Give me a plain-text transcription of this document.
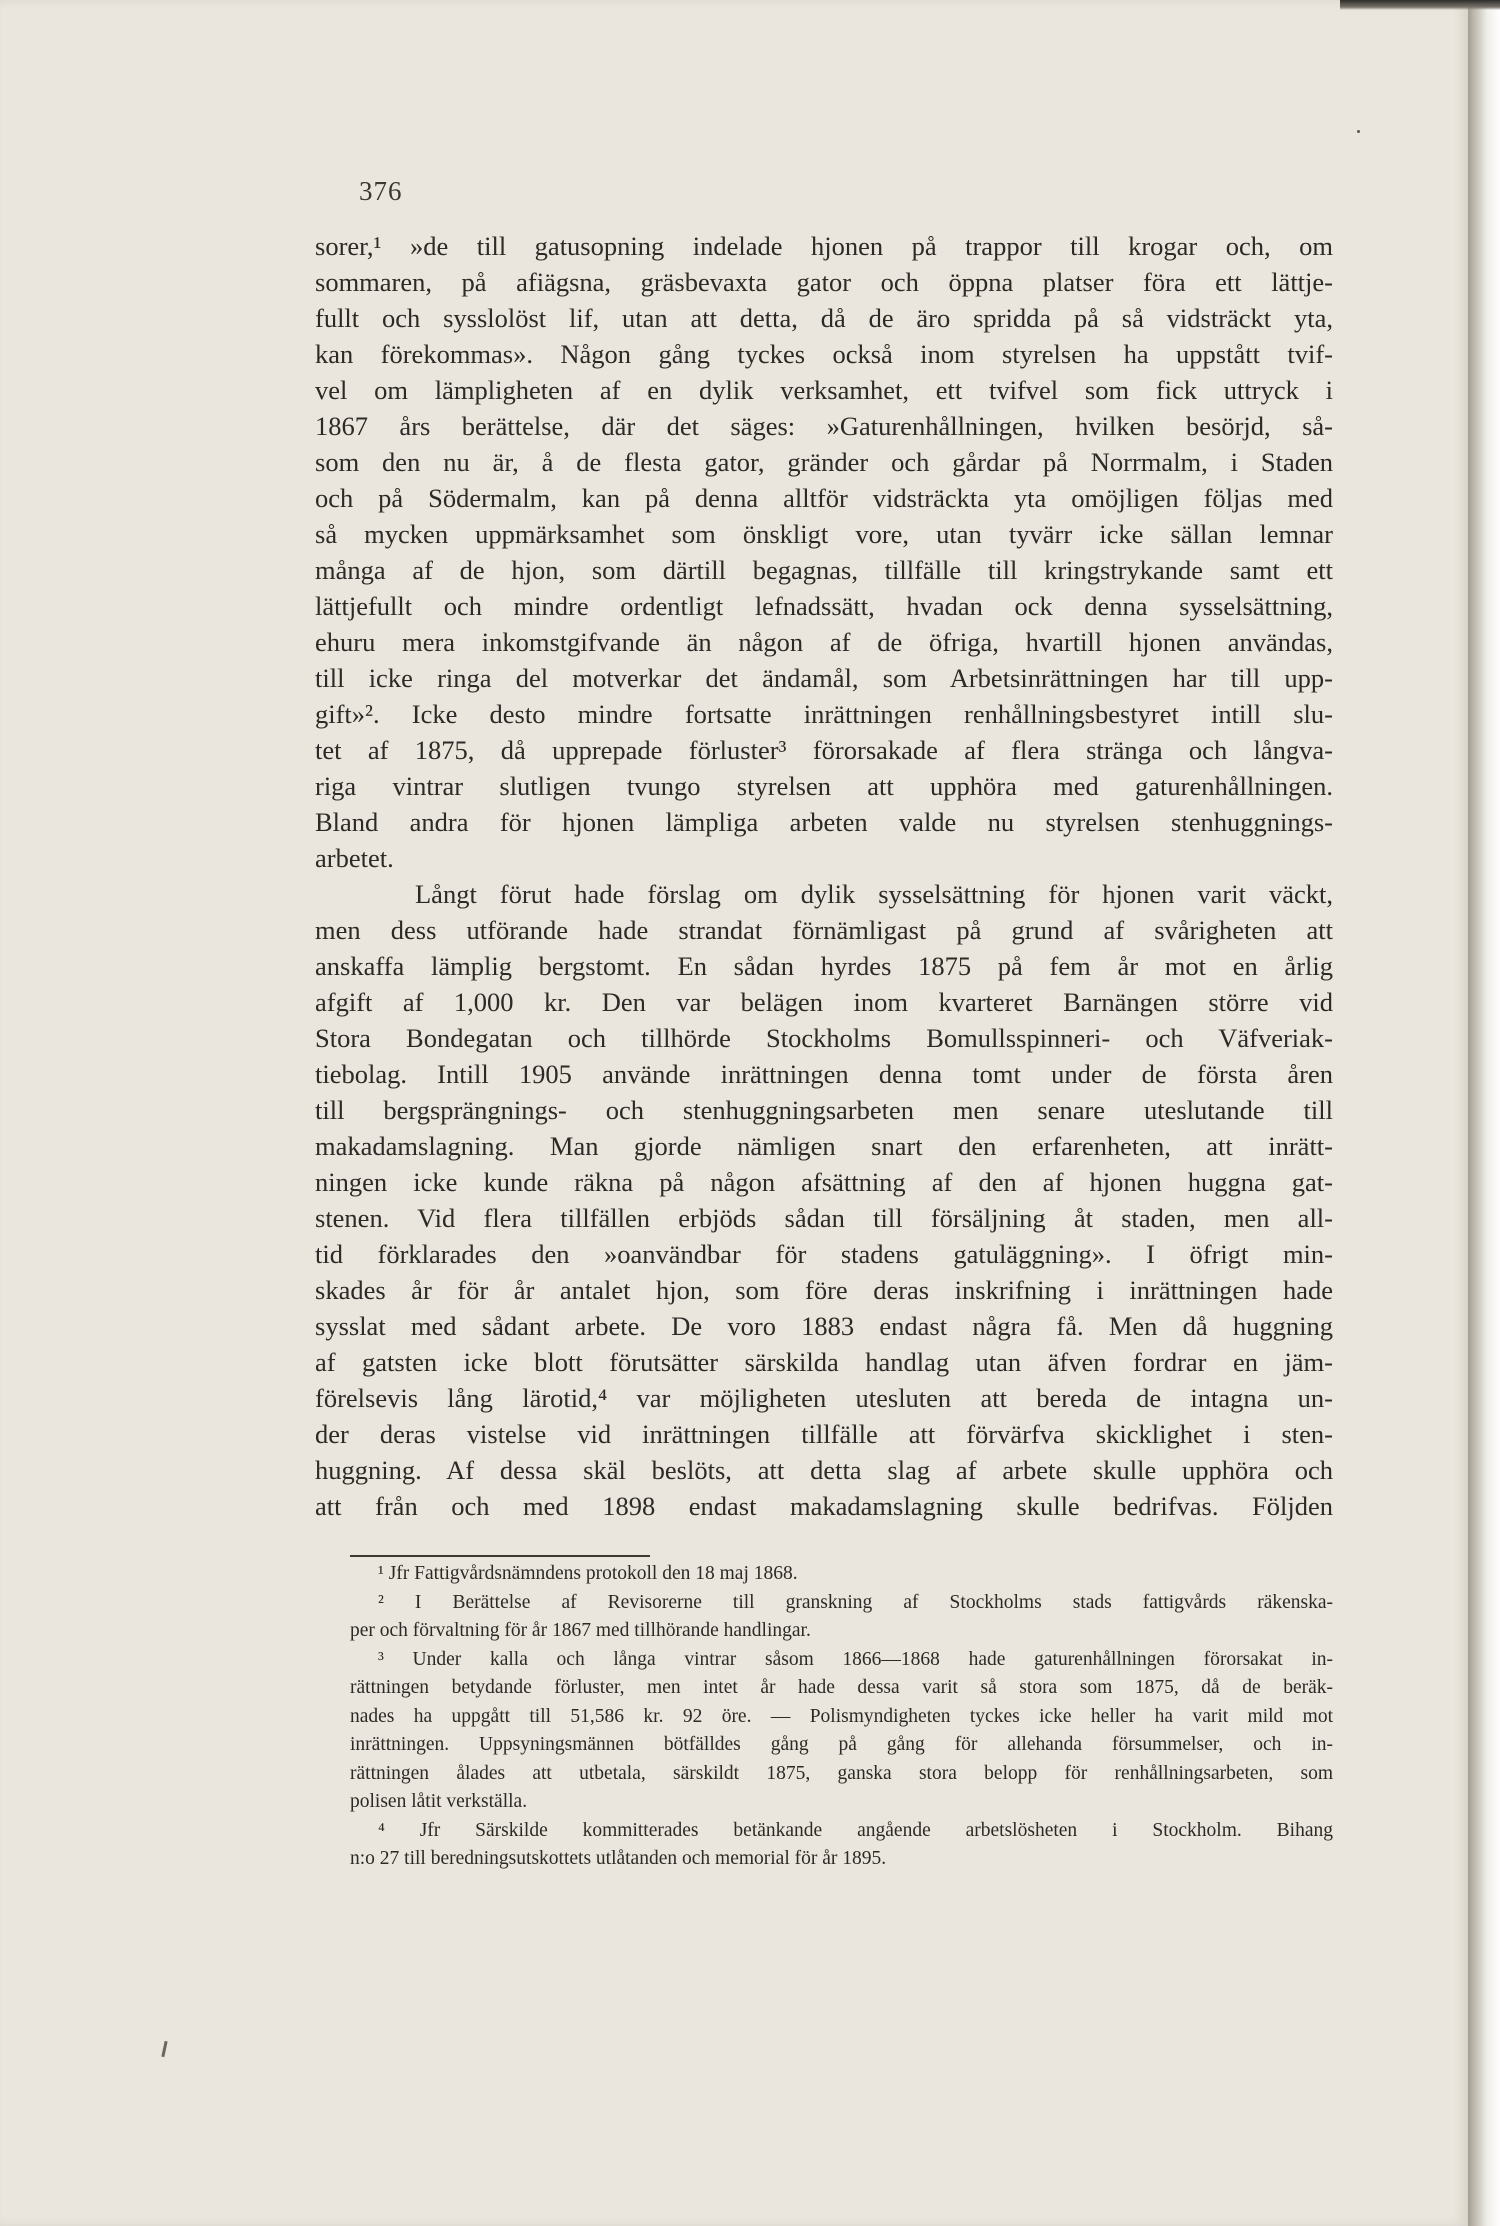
376
sorer,¹ »de till gatusopning indelade hjonen på trappor till krogar och, om
sommaren, på afiägsna, gräsbevaxta gator och öppna platser föra ett lättje-
fullt och sysslolöst lif, utan att detta, då de äro spridda på så vidsträckt yta,
kan förekommas». Någon gång tyckes också inom styrelsen ha uppstått tvif-
vel om lämpligheten af en dylik verksamhet, ett tvifvel som fick uttryck i
1867 års berättelse, där det säges: »Gaturenhållningen, hvilken besörjd, så-
som den nu är, å de flesta gator, gränder och gårdar på Norrmalm, i Staden
och på Södermalm, kan på denna alltför vidsträckta yta omöjligen följas med
så mycken uppmärksamhet som önskligt vore, utan tyvärr icke sällan lemnar
många af de hjon, som därtill begagnas, tillfälle till kringstrykande samt ett
lättjefullt och mindre ordentligt lefnadssätt, hvadan ock denna sysselsättning,
ehuru mera inkomstgifvande än någon af de öfriga, hvartill hjonen användas,
till icke ringa del motverkar det ändamål, som Arbetsinrättningen har till upp-
gift»². Icke desto mindre fortsatte inrättningen renhållningsbestyret intill slu-
tet af 1875, då upprepade förluster³ förorsakade af flera stränga och långva-
riga vintrar slutligen tvungo styrelsen att upphöra med gaturenhållningen.
Bland andra för hjonen lämpliga arbeten valde nu styrelsen stenhuggnings-
arbetet.
Långt förut hade förslag om dylik sysselsättning för hjonen varit väckt,
men dess utförande hade strandat förnämligast på grund af svårigheten att
anskaffa lämplig bergstomt. En sådan hyrdes 1875 på fem år mot en årlig
afgift af 1,000 kr. Den var belägen inom kvarteret Barnängen större vid
Stora Bondegatan och tillhörde Stockholms Bomullsspinneri- och Väfveriak-
tiebolag. Intill 1905 använde inrättningen denna tomt under de första åren
till bergsprängnings- och stenhuggningsarbeten men senare uteslutande till
makadamslagning. Man gjorde nämligen snart den erfarenheten, att inrätt-
ningen icke kunde räkna på någon afsättning af den af hjonen huggna gat-
stenen. Vid flera tillfällen erbjöds sådan till försäljning åt staden, men all-
tid förklarades den »oanvändbar för stadens gatuläggning». I öfrigt min-
skades år för år antalet hjon, som före deras inskrifning i inrättningen hade
sysslat med sådant arbete. De voro 1883 endast några få. Men då huggning
af gatsten icke blott förutsätter särskilda handlag utan äfven fordrar en jäm-
förelsevis lång lärotid,⁴ var möjligheten utesluten att bereda de intagna un-
der deras vistelse vid inrättningen tillfälle att förvärfva skicklighet i sten-
huggning. Af dessa skäl beslöts, att detta slag af arbete skulle upphöra och
att från och med 1898 endast makadamslagning skulle bedrifvas. Följden
¹ Jfr Fattigvårdsnämndens protokoll den 18 maj 1868.
² I Berättelse af Revisorerne till granskning af Stockholms stads fattigvårds räkenska-
per och förvaltning för år 1867 med tillhörande handlingar.
³ Under kalla och långa vintrar såsom 1866—1868 hade gaturenhållningen förorsakat in-
rättningen betydande förluster, men intet år hade dessa varit så stora som 1875, då de beräk-
nades ha uppgått till 51,586 kr. 92 öre. — Polismyndigheten tyckes icke heller ha varit mild mot
inrättningen. Uppsyningsmännen bötfälldes gång på gång för allehanda försummelser, och in-
rättningen ålades att utbetala, särskildt 1875, ganska stora belopp för renhållningsarbeten, som
polisen låtit verkställa.
⁴ Jfr Särskilde kommitterades betänkande angående arbetslösheten i Stockholm. Bihang
n:o 27 till beredningsutskottets utlåtanden och memorial för år 1895.
